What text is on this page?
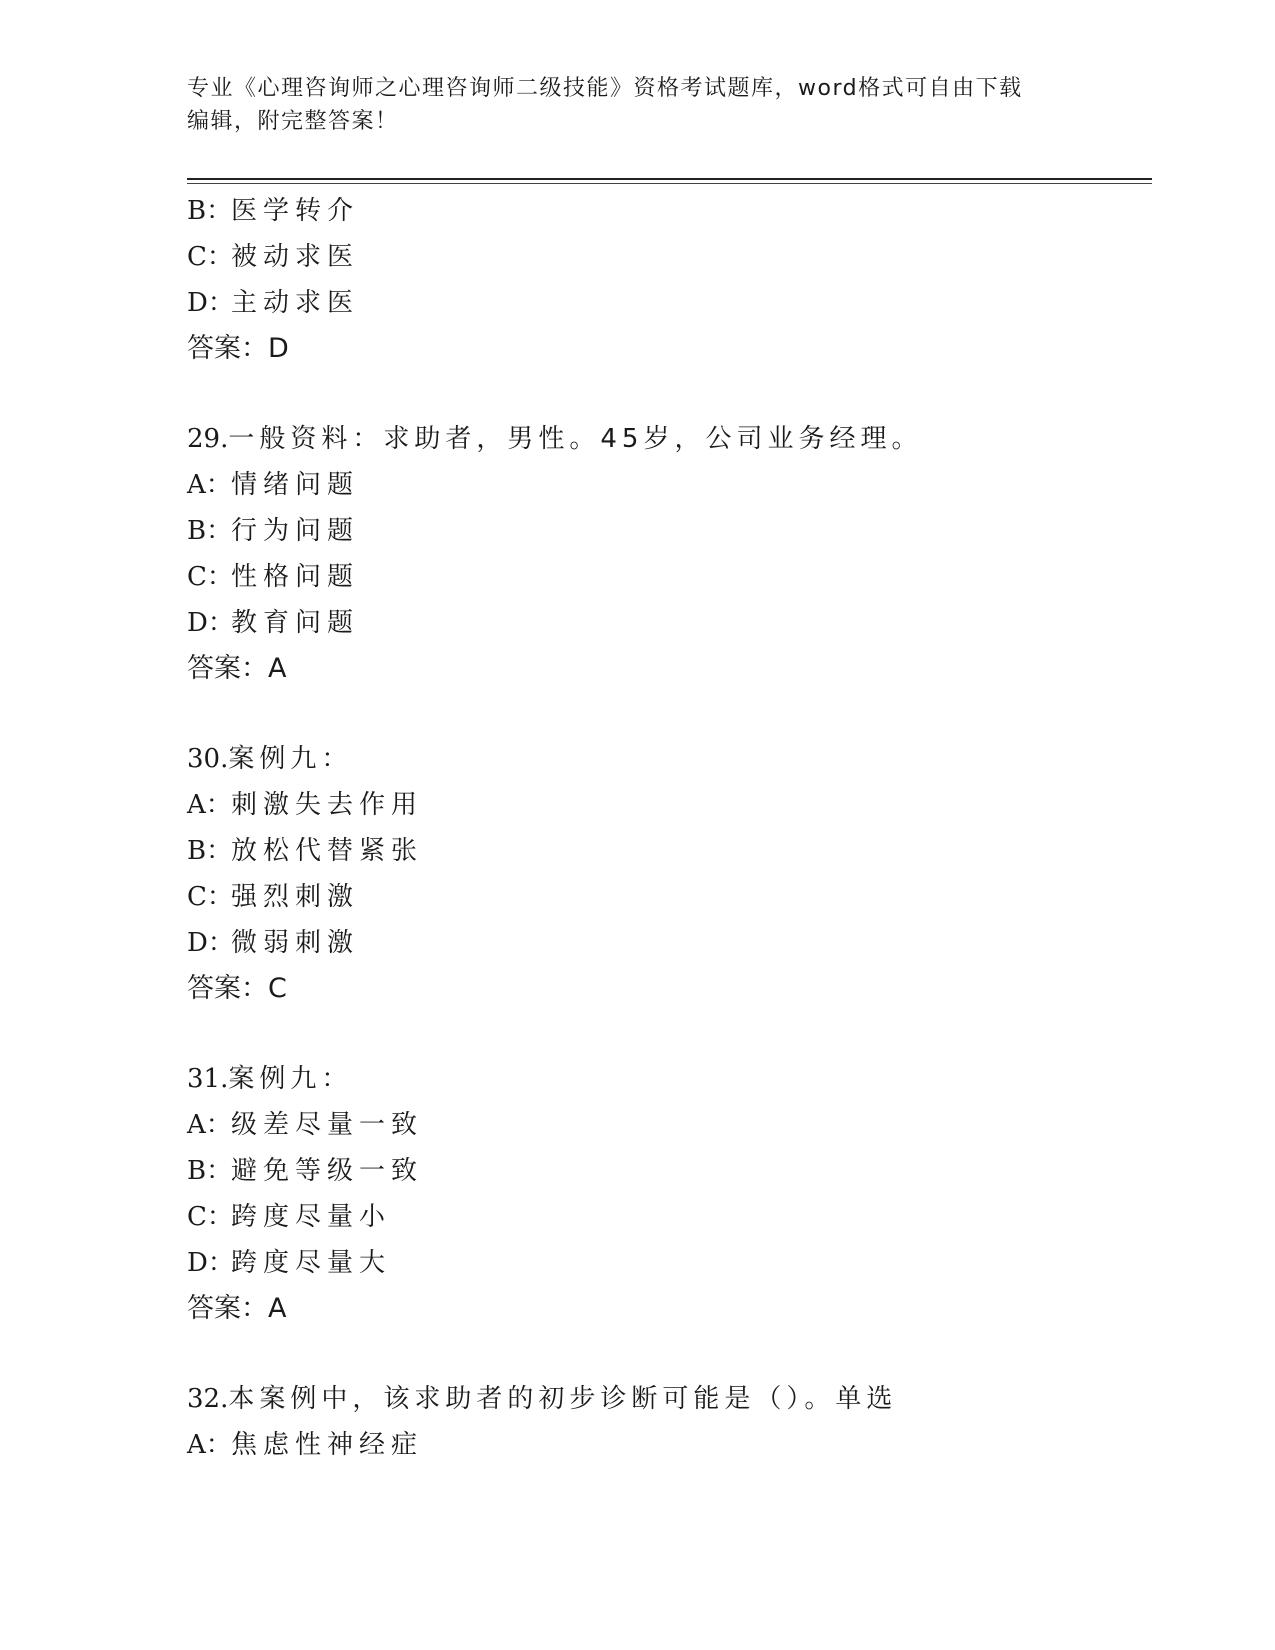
专业《心理咨询师之心理咨询师二级技能》资格考试题库，word格式可自由下载
编辑，附完整答案！
B：医学转介
C：被动求医
D：主动求医
答案：D
29.一般资料：求助者，男性。45岁，公司业务经理。
A：情绪问题
B：行为问题
C：性格问题
D：教育问题
答案：A
30.案例九：
A：刺激失去作用
B：放松代替紧张
C：强烈刺激
D：微弱刺激
答案：C
31.案例九：
A：级差尽量一致
B：避免等级一致
C：跨度尽量小
D：跨度尽量大
答案：A
32.本案例中，该求助者的初步诊断可能是（）。单选
A：焦虑性神经症
